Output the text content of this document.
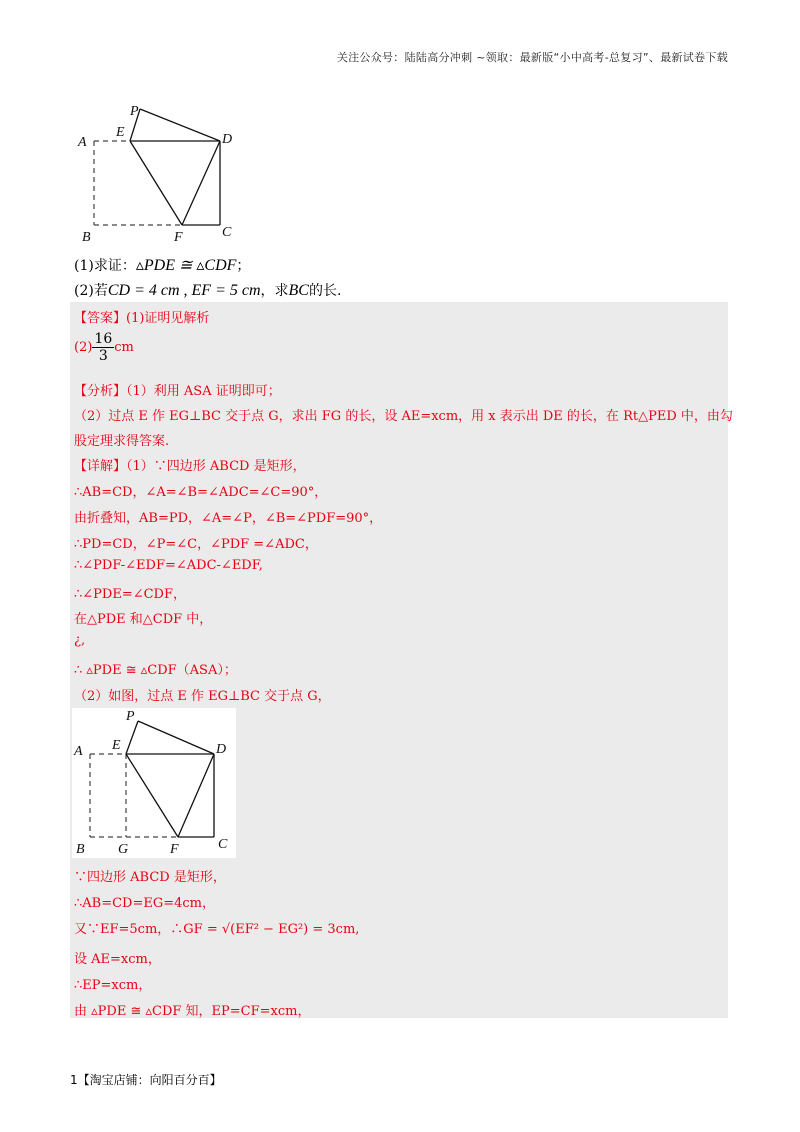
关注公众号：陆陆高分冲刺 ~领取：最新版“小中高考-总复习”、最新试卷下载
P
E
A	D
B	F	C
(1)求证：▵PDE ≅ ▵CDF；
(2)若CD = 4 cm , EF = 5 cm，求BC的长.
【答案】(1)证明见解析
$(2) \frac{16}{3}$ cm
【分析】（1）利用 ASA 证明即可；
（2）过点 E 作 EG⊥BC 交于点 G，求出 FG 的长，设 AE=xcm，用 x 表示出 DE 的长，在 Rt△PED 中，由勾
股定理求得答案.
【详解】（1）∵四边形 ABCD 是矩形，
∴AB=CD，∠A=∠B=∠ADC=∠C=90°，
由折叠知，AB=PD，∠A=∠P，∠B=∠PDF=90°，
∴PD=CD，∠P=∠C，∠PDF =∠ADC，
∴∠PDF-∠EDF=∠ADC-∠EDF,
∴∠PDE=∠CDF，
在△PDE 和△CDF 中，
¿,
∴ ▵PDE ≅ ▵CDF（ASA）；
（2）如图，过点 E 作 EG⊥BC 交于点 G，
P
E
A	D
B G	F	C
∵四边形 ABCD 是矩形，
∴AB=CD=EG=4cm，
又∵EF=5cm，∴GF = √(EF² − EG²) = 3cm,
设 AE=xcm，
∴EP=xcm，
由 ▵PDE ≅ ▵CDF 知，EP=CF=xcm，
1【淘宝店铺：向阳百分百】
